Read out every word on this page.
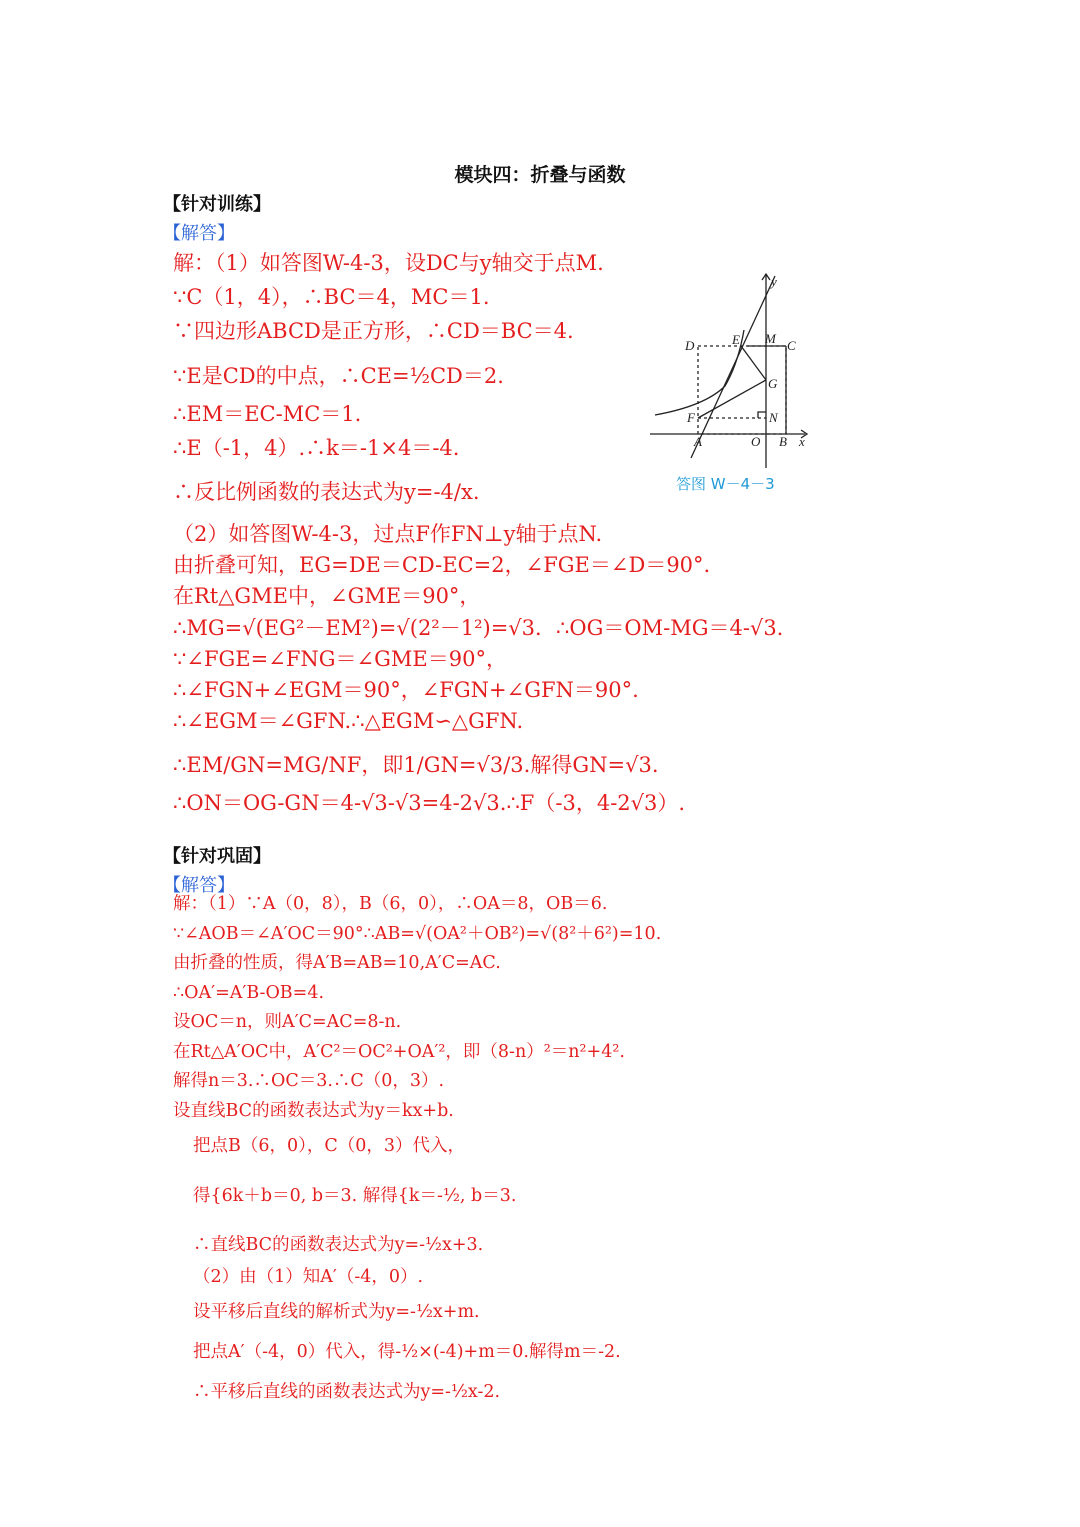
模块四：折叠与函数
【针对训练】
【解答】
解：（1）如答图W-4-3，设DC与y轴交于点M.
∵C（1，4），∴BC＝4，MC＝1.
∵四边形ABCD是正方形，∴CD＝BC＝4.
∵E是CD的中点，∴CE=½CD＝2.
∴EM＝EC-MC＝1.
∴E（-1，4）.∴k＝-1×4＝-4.
∴反比例函数的表达式为y=-4/x.
（2）如答图W-4-3，过点F作FN⊥y轴于点N.
由折叠可知，EG=DE＝CD-EC=2，∠FGE＝∠D＝90°.
在Rt△GME中，∠GME＝90°，
∴MG=√(EG²－EM²)=√(2²－1²)=√3．∴OG＝OM-MG＝4-√3.
∵∠FGE=∠FNG＝∠GME＝90°，
∴∠FGN+∠EGM＝90°，∠FGN+∠GFN＝90°.
∴∠EGM＝∠GFN.∴△EGM∽△GFN.
∴EM/GN=MG/NF，即1/GN=√3/3.解得GN=√3.
∴ON＝OG-GN＝4-√3-√3=4-2√3.∴F（-3，4-2√3）.
D	E M C
G
F	N
A	O B x
y
答图 W－4－3
【针对巩固】
【解答】
解：（1）∵A（0，8），B（6，0），∴OA＝8，OB＝6.
∵∠AOB＝∠A′OC＝90°∴AB=√(OA²＋OB²)=√(8²＋6²)=10.
由折叠的性质，得A′B=AB=10,A′C=AC.
∴OA′=A′B-OB=4.
设OC＝n，则A′C=AC=8-n.
在Rt△A′OC中，A′C²＝OC²+OA′²，即（8-n）²＝n²+4².
解得n＝3.∴OC＝3.∴C（0，3）.
设直线BC的函数表达式为y＝kx+b.
把点B（6，0），C（0，3）代入，
得{6k＋b＝0, b＝3. 解得{k＝-½, b＝3.
∴直线BC的函数表达式为y=-½x+3.
（2）由（1）知A′（-4，0）.
设平移后直线的解析式为y=-½x+m.
把点A′（-4，0）代入，得-½×(-4)+m＝0.解得m＝-2.
∴平移后直线的函数表达式为y=-½x-2.
